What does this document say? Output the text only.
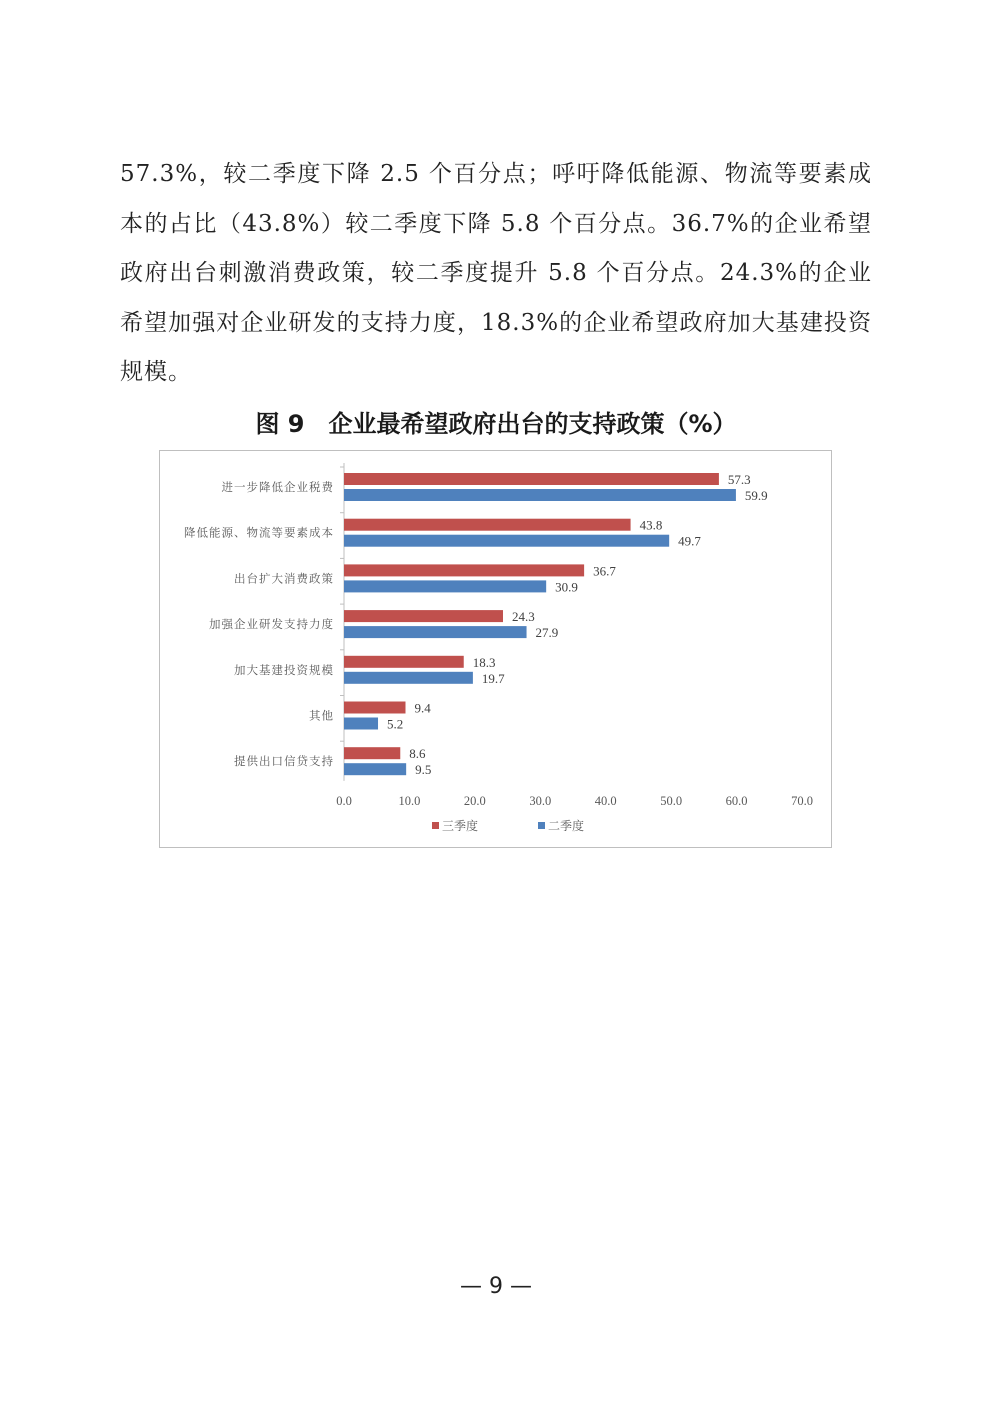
57.3%，较二季度下降 2.5 个百分点；呼吁降低能源、物流等要素成本的占比（43.8%）较二季度下降 5.8 个百分点。36.7%的企业希望政府出台刺激消费政策，较二季度提升 5.8 个百分点。24.3%的企业希望加强对企业研发的支持力度，18.3%的企业希望政府加大基建投资规模。

图 9　企业最希望政府出台的支持政策（%）
进一步降低企业税费	57.3
59.9
降低能源、物流等要素成本	43.8
49.7
出台扩大消费政策	36.7
30.9
加强企业研发支持力度	24.3
27.9
加大基建投资规模	18.3
19.7
其他	9.4
5.2
提供出口信贷支持	8.6
9.5
0.0	10.0	20.0	30.0	40.0	50.0	60.0	70.0
三季度	二季度
— 9 —
